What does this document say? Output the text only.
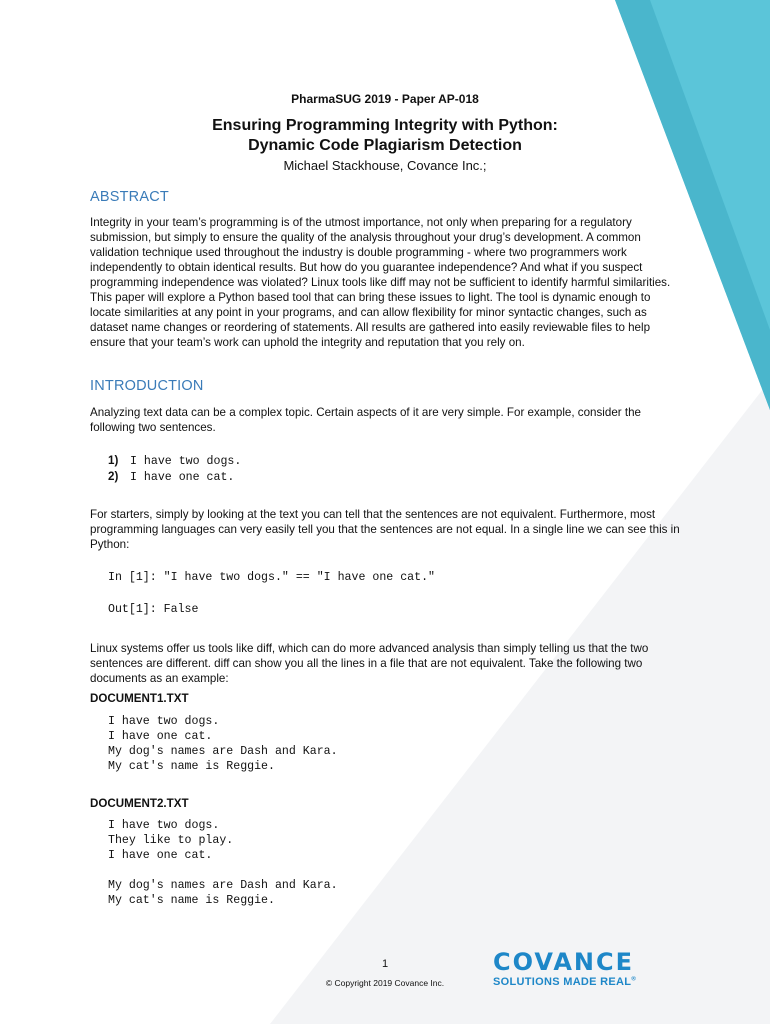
PharmaSUG 2019 - Paper AP-018
Ensuring Programming Integrity with Python:
Dynamic Code Plagiarism Detection
Michael Stackhouse, Covance Inc.;
ABSTRACT
Integrity in your team’s programming is of the utmost importance, not only when preparing for a regulatory submission, but simply to ensure the quality of the analysis throughout your drug’s development. A common validation technique used throughout the industry is double programming - where two programmers work independently to obtain identical results. But how do you guarantee independence? And what if you suspect programming independence was violated? Linux tools like diff may not be sufficient to identify harmful similarities. This paper will explore a Python based tool that can bring these issues to light. The tool is dynamic enough to locate similarities at any point in your programs, and can allow flexibility for minor syntactic changes, such as dataset name changes or reordering of statements. All results are gathered into easily reviewable files to help ensure that your team’s work can uphold the integrity and reputation that you rely on.
INTRODUCTION
Analyzing text data can be a complex topic. Certain aspects of it are very simple. For example, consider the following two sentences.
1) I have two dogs.
2) I have one cat.
For starters, simply by looking at the text you can tell that the sentences are not equivalent. Furthermore, most programming languages can very easily tell you that the sentences are not equal. In a single line we can see this in Python:
In [1]: "I have two dogs." == "I have one cat."
Out[1]: False
Linux systems offer us tools like diff, which can do more advanced analysis than simply telling us that the two sentences are different. diff can show you all the lines in a file that are not equivalent. Take the following two documents as an example:
DOCUMENT1.TXT
I have two dogs.
I have one cat.
My dog's names are Dash and Kara.
My cat's name is Reggie.
DOCUMENT2.TXT
I have two dogs.
They like to play.
I have one cat.

My dog's names are Dash and Kara.
My cat's name is Reggie.
1
© Copyright 2019 Covance Inc.
COVANCE
SOLUTIONS MADE REAL®
